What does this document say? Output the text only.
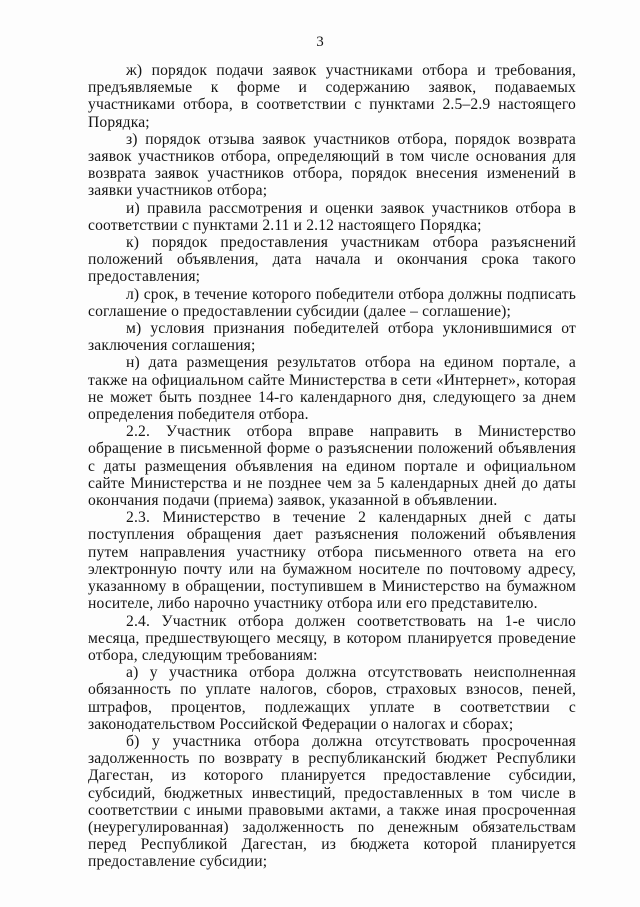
3

ж) порядок подачи заявок участниками отбора и требования, предъявляемые к форме и содержанию заявок, подаваемых участниками отбора, в соответствии с пунктами 2.5–2.9 настоящего Порядка;

з) порядок отзыва заявок участников отбора, порядок возврата заявок участников отбора, определяющий в том числе основания для возврата заявок участников отбора, порядок внесения изменений в заявки участников отбора;

и) правила рассмотрения и оценки заявок участников отбора в соответствии с пунктами 2.11 и 2.12 настоящего Порядка;

к) порядок предоставления участникам отбора разъяснений положений объявления, дата начала и окончания срока такого предоставления;

л) срок, в течение которого победители отбора должны подписать соглашение о предоставлении субсидии (далее – соглашение);

м) условия признания победителей отбора уклонившимися от заключения соглашения;

н) дата размещения результатов отбора на едином портале, а также на официальном сайте Министерства в сети «Интернет», которая не может быть позднее 14-го календарного дня, следующего за днем определения победителя отбора.

2.2. Участник отбора вправе направить в Министерство обращение в письменной форме о разъяснении положений объявления с даты размещения объявления на едином портале и официальном сайте Министерства и не позднее чем за 5 календарных дней до даты окончания подачи (приема) заявок, указанной в объявлении.

2.3. Министерство в течение 2 календарных дней с даты поступления обращения дает разъяснения положений объявления путем направления участнику отбора письменного ответа на его электронную почту или на бумажном носителе по почтовому адресу, указанному в обращении, поступившем в Министерство на бумажном носителе, либо нарочно участнику отбора или его представителю.

2.4. Участник отбора должен соответствовать на 1-е число месяца, предшествующего месяцу, в котором планируется проведение отбора, следующим требованиям:

а) у участника отбора должна отсутствовать неисполненная обязанность по уплате налогов, сборов, страховых взносов, пеней, штрафов, процентов, подлежащих уплате в соответствии с законодательством Российской Федерации о налогах и сборах;

б) у участника отбора должна отсутствовать просроченная задолженность по возврату в республиканский бюджет Республики Дагестан, из которого планируется предоставление субсидии, субсидий, бюджетных инвестиций, предоставленных в том числе в соответствии с иными правовыми актами, а также иная просроченная (неурегулированная) задолженность по денежным обязательствам перед Республикой Дагестан, из бюджета которой планируется предоставление субсидии;
